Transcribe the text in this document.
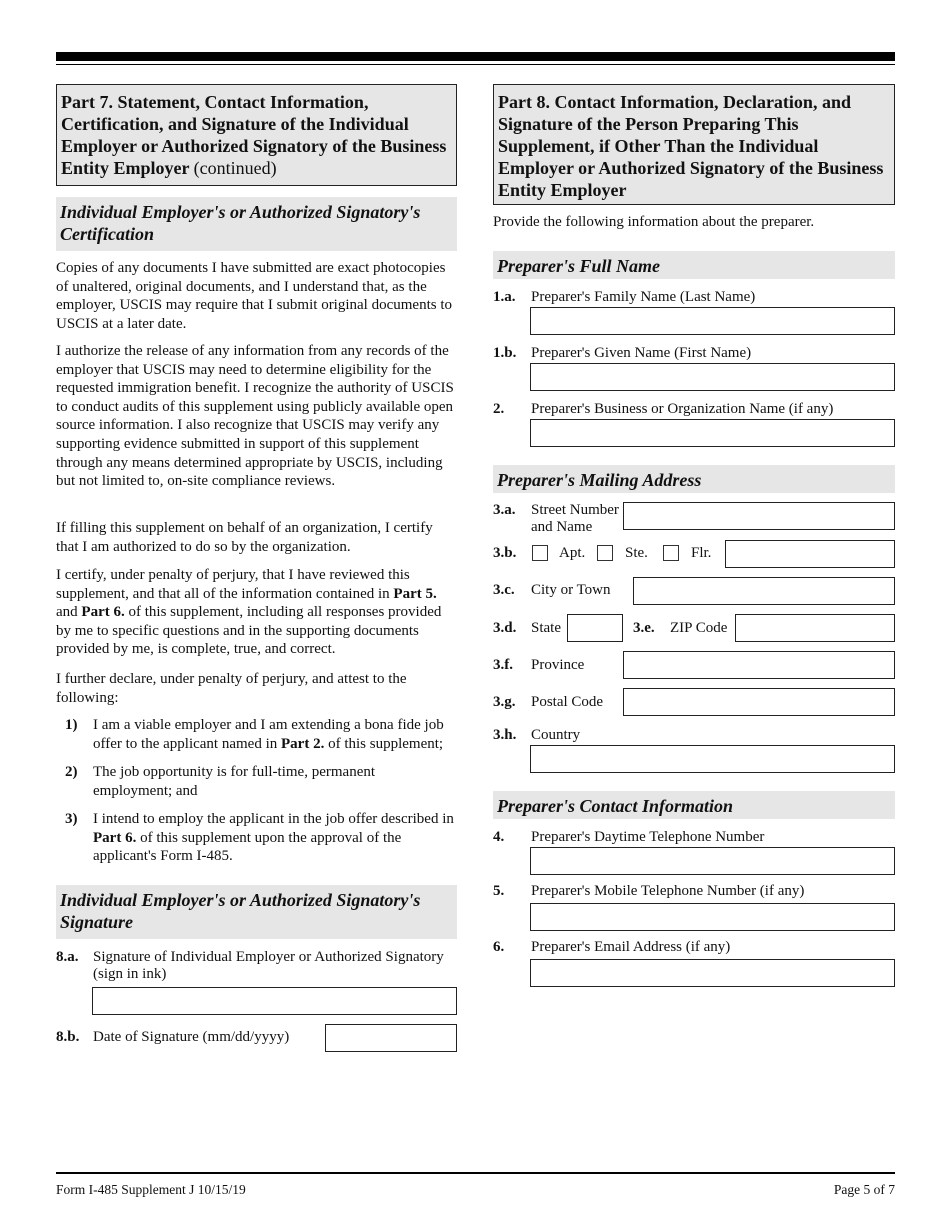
Part 7. Statement, Contact Information, Certification, and Signature of the Individual Employer or Authorized Signatory of the Business Entity Employer (continued)
Individual Employer's or Authorized Signatory's Certification
Copies of any documents I have submitted are exact photocopies of unaltered, original documents, and I understand that, as the employer, USCIS may require that I submit original documents to USCIS at a later date.
I authorize the release of any information from any records of the employer that USCIS may need to determine eligibility for the requested immigration benefit. I recognize the authority of USCIS to conduct audits of this supplement using publicly available open source information. I also recognize that USCIS may verify any supporting evidence submitted in support of this supplement through any means determined appropriate by USCIS, including but not limited to, on-site compliance reviews.
If filling this supplement on behalf of an organization, I certify that I am authorized to do so by the organization.
I certify, under penalty of perjury, that I have reviewed this supplement, and that all of the information contained in Part 5. and Part 6. of this supplement, including all responses provided by me to specific questions and in the supporting documents provided by me, is complete, true, and correct.
I further declare, under penalty of perjury, and attest to the following:
1) I am a viable employer and I am extending a bona fide job offer to the applicant named in Part 2. of this supplement;
2) The job opportunity is for full-time, permanent employment; and
3) I intend to employ the applicant in the job offer described in Part 6. of this supplement upon the approval of the applicant's Form I-485.
Individual Employer's or Authorized Signatory's Signature
8.a. Signature of Individual Employer or Authorized Signatory (sign in ink)
8.b. Date of Signature (mm/dd/yyyy)
Part 8. Contact Information, Declaration, and Signature of the Person Preparing This Supplement, if Other Than the Individual Employer or Authorized Signatory of the Business Entity Employer
Provide the following information about the preparer.
Preparer's Full Name
1.a. Preparer's Family Name (Last Name)
1.b. Preparer's Given Name (First Name)
2. Preparer's Business or Organization Name (if any)
Preparer's Mailing Address
3.a. Street Number and Name
3.b.	Apt.	Ste.	Flr.
3.c. City or Town
3.d. State	3.e. ZIP Code
3.f. Province
3.g. Postal Code
3.h. Country
Preparer's Contact Information
4. Preparer's Daytime Telephone Number
5. Preparer's Mobile Telephone Number (if any)
6. Preparer's Email Address (if any)
Form I-485 Supplement J 10/15/19	Page 5 of 7
